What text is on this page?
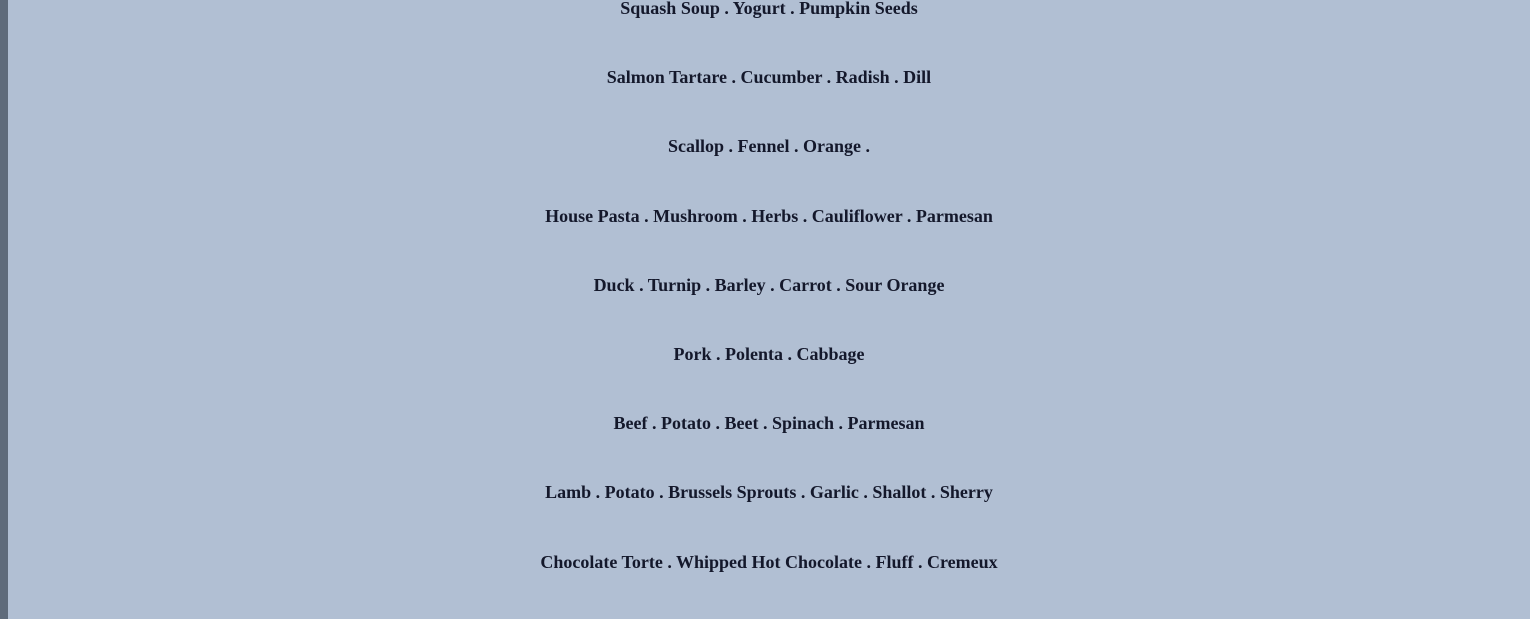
Squash Soup . Yogurt . Pumpkin Seeds
Salmon Tartare . Cucumber . Radish . Dill
Scallop . Fennel . Orange .
House Pasta . Mushroom . Herbs . Cauliflower . Parmesan
Duck . Turnip . Barley . Carrot . Sour Orange
Pork . Polenta . Cabbage
Beef . Potato . Beet . Spinach . Parmesan
Lamb . Potato . Brussels Sprouts . Garlic . Shallot . Sherry
Chocolate Torte . Whipped Hot Chocolate . Fluff . Cremeux
